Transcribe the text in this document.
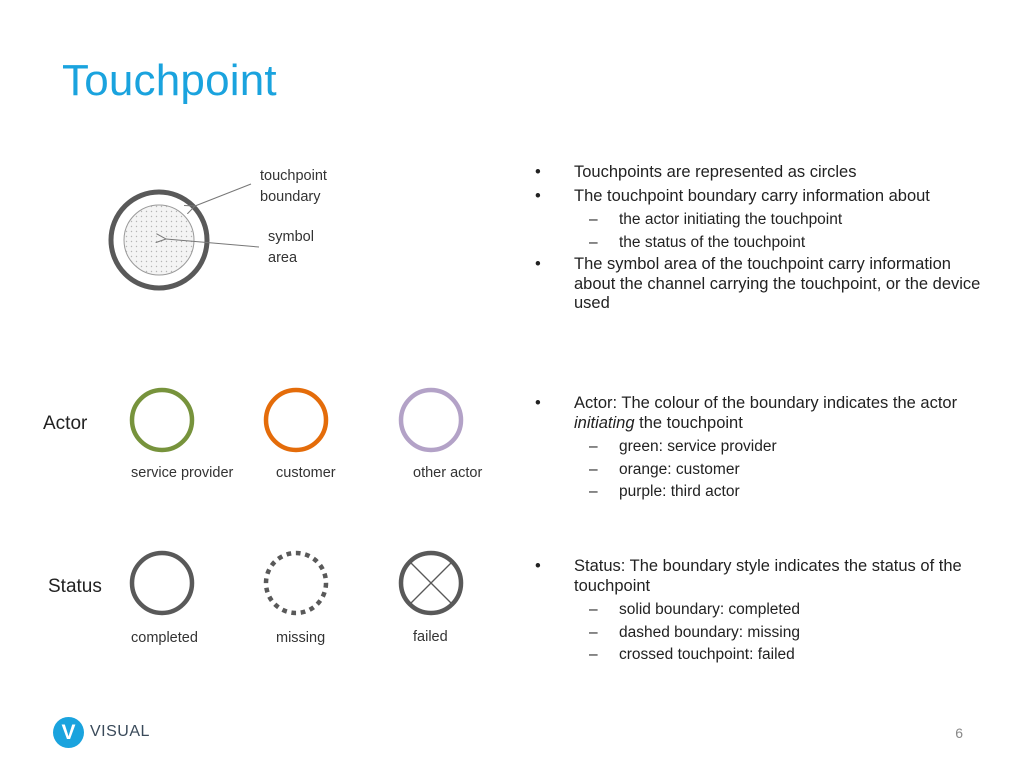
Touchpoint
touchpoint
boundary
symbol
area
Actor
service provider	customer	other actor
Status
completed	missing	failed
• Touchpoints are represented as circles
• The touchpoint boundary carry information about
– the actor initiating the touchpoint
– the status of the touchpoint
• The symbol area of the touchpoint carry information about the channel carrying the touchpoint, or the device used
• Actor: The colour of the boundary indicates the actor initiating the touchpoint
– green: service provider
– orange: customer
– purple: third actor
• Status: The boundary style indicates the status of the touchpoint
– solid boundary: completed
– dashed boundary: missing
– crossed touchpoint: failed
V VISUAL	6
